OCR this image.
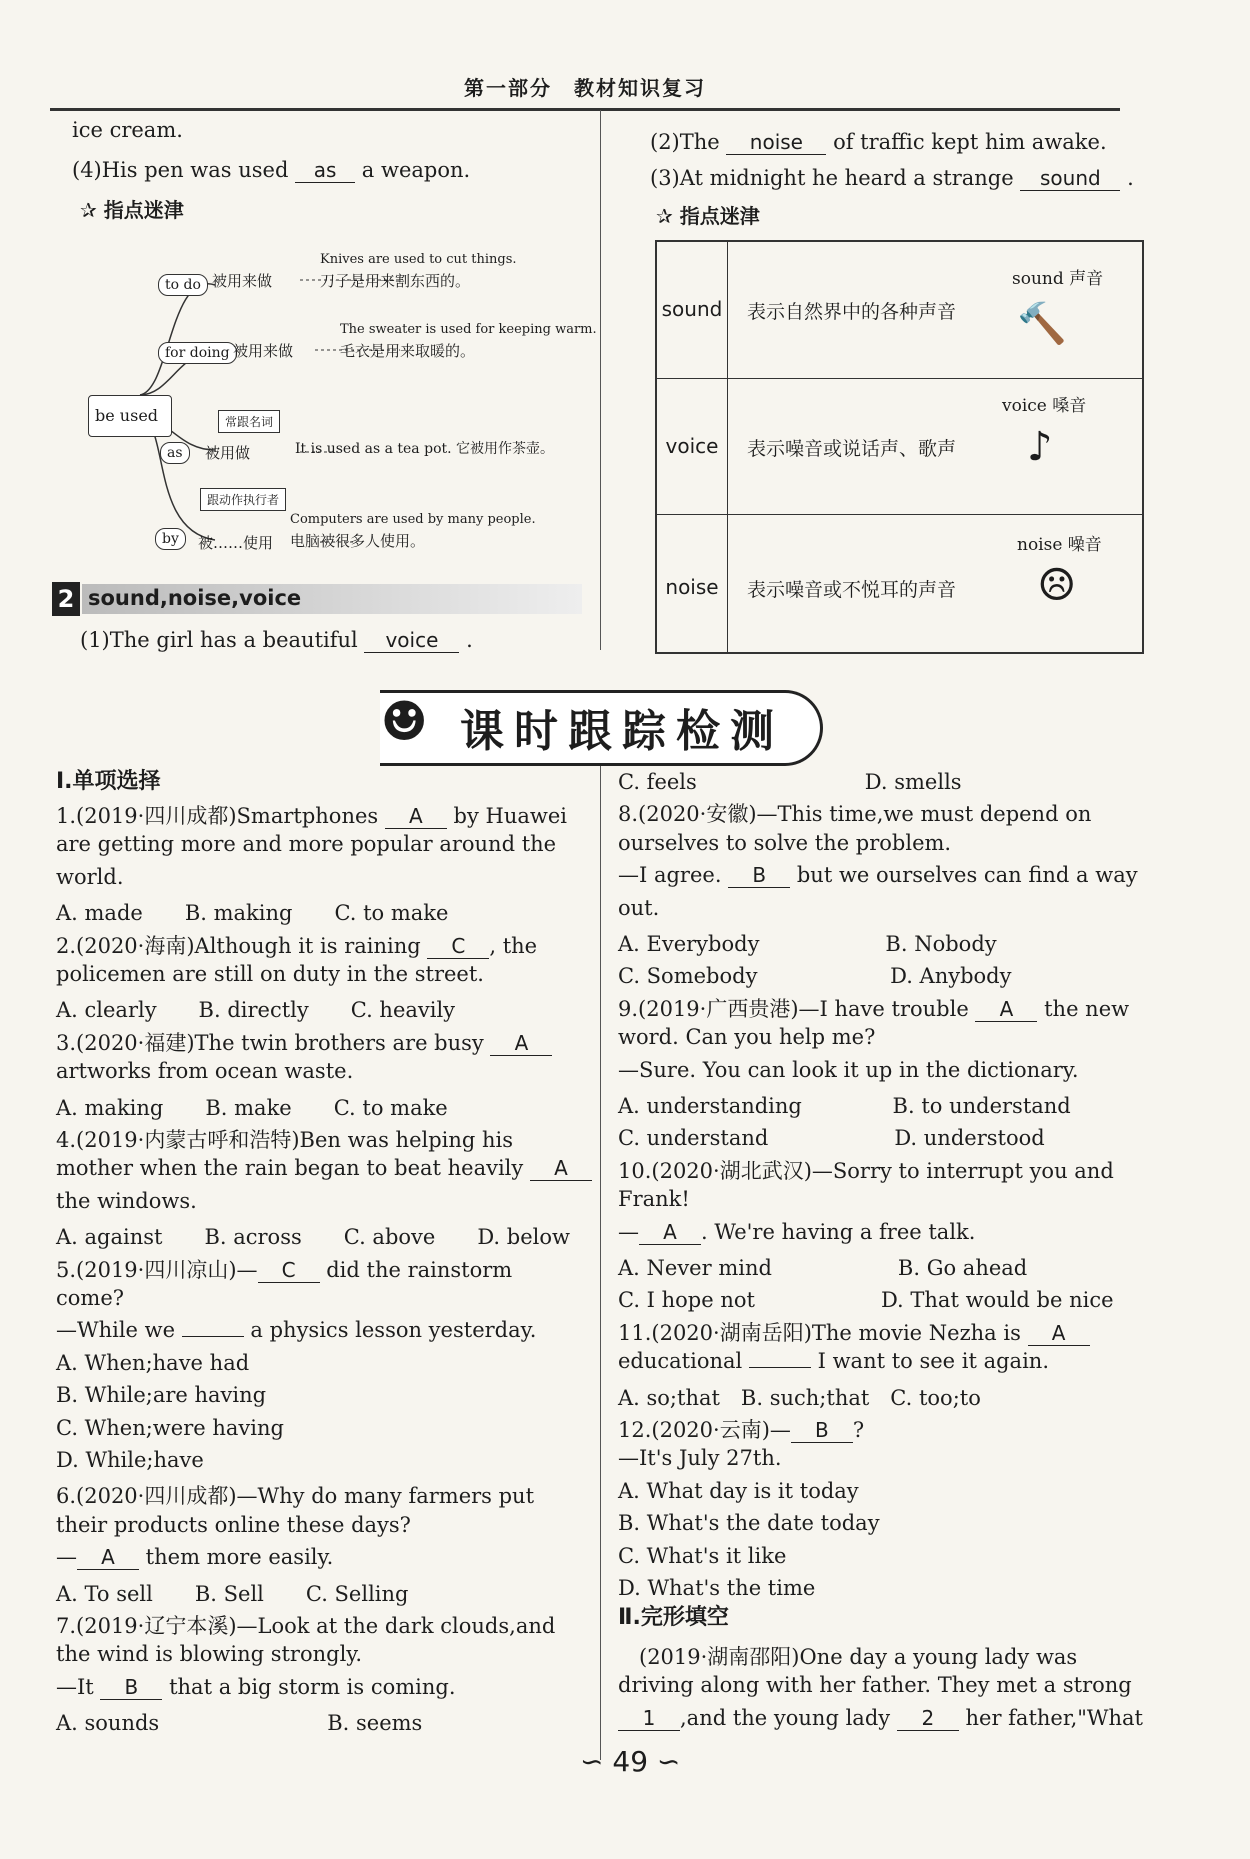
第一部分　教材知识复习
ice cream.
(4)His pen was used as a weapon.
✰ 指点迷津
be used
to do 被用来做
Knives are used to cut things.
刀子是用来割东西的。
for doing 被用来做
The sweater is used for keeping warm.
毛衣是用来取暖的。
常跟名词
as	被用做	It is used as a tea pot. 它被用作茶壶。
跟动作执行者
by	被……使用
Computers are used by many people.
电脑被很多人使用。
2 sound,noise,voice
(1)The girl has a beautiful voice .
(2)The noise of traffic kept him awake.
(3)At midnight he heard a strange sound .
✰ 指点迷津
sound 表示自然界中的各种声音
sound 声音
🔨
voice	表示噪音或说话声、歌声
voice 嗓音
♪
noise	表示噪音或不悦耳的声音
noise 噪音
☹
☻ 课时跟踪检测
Ⅰ.单项选择
Ⅱ.完形填空
1.(2019·四川成都)Smartphones A by Huawei
are getting more and more popular around the
world.
A. made　　B. making　　C. to make
2.(2020·海南)Although it is raining C , the
policemen are still on duty in the street.
A. clearly　　B. directly　　C. heavily
3.(2020·福建)The twin brothers are busy A
artworks from ocean waste.
A. making　　B. make　　C. to make
4.(2019·内蒙古呼和浩特)Ben was helping his
mother when the rain began to beat heavily A
the windows.
A. against　　B. across　　C. above　　D. below
5.(2019·四川凉山)— C did the rainstorm
come?
—While we	a physics lesson yesterday.
A. When;have had
B. While;are having
C. When;were having
D. While;have
6.(2020·四川成都)—Why do many farmers put
their products online these days?
— A them more easily.
A. To sell　　B. Sell　　C. Selling
7.(2019·辽宁本溪)—Look at the dark clouds,and
the wind is blowing strongly.
—It B that a big storm is coming.
A. sounds　　　　　　　　B. seems
C. feels　　　　　　　　D. smells
8.(2020·安徽)—This time,we must depend on
ourselves to solve the problem.
—I agree. B but we ourselves can find a way
out.
A. Everybody　　　　　　B. Nobody
C. Somebody　　　　　　 D. Anybody
9.(2019·广西贵港)—I have trouble A the new
word. Can you help me?
—Sure. You can look it up in the dictionary.
A. understanding　　　　 B. to understand
C. understand　　　　　　D. understood
10.(2020·湖北武汉)—Sorry to interrupt you and
Frank!
— A . We're having a free talk.
A. Never mind　　　　　　B. Go ahead
C. I hope not　　　　　　D. That would be nice
11.(2020·湖南岳阳)The movie Nezha is A
educational	I want to see it again.
A. so;that　B. such;that　C. too;to
12.(2020·云南)— B ?
—It's July 27th.
A. What day is it today
B. What's the date today
C. What's it like
D. What's the time
　(2019·湖南邵阳)One day a young lady was
driving along with her father. They met a strong
1 ,and the young lady 2 her father,"What
∽ 49 ∽
